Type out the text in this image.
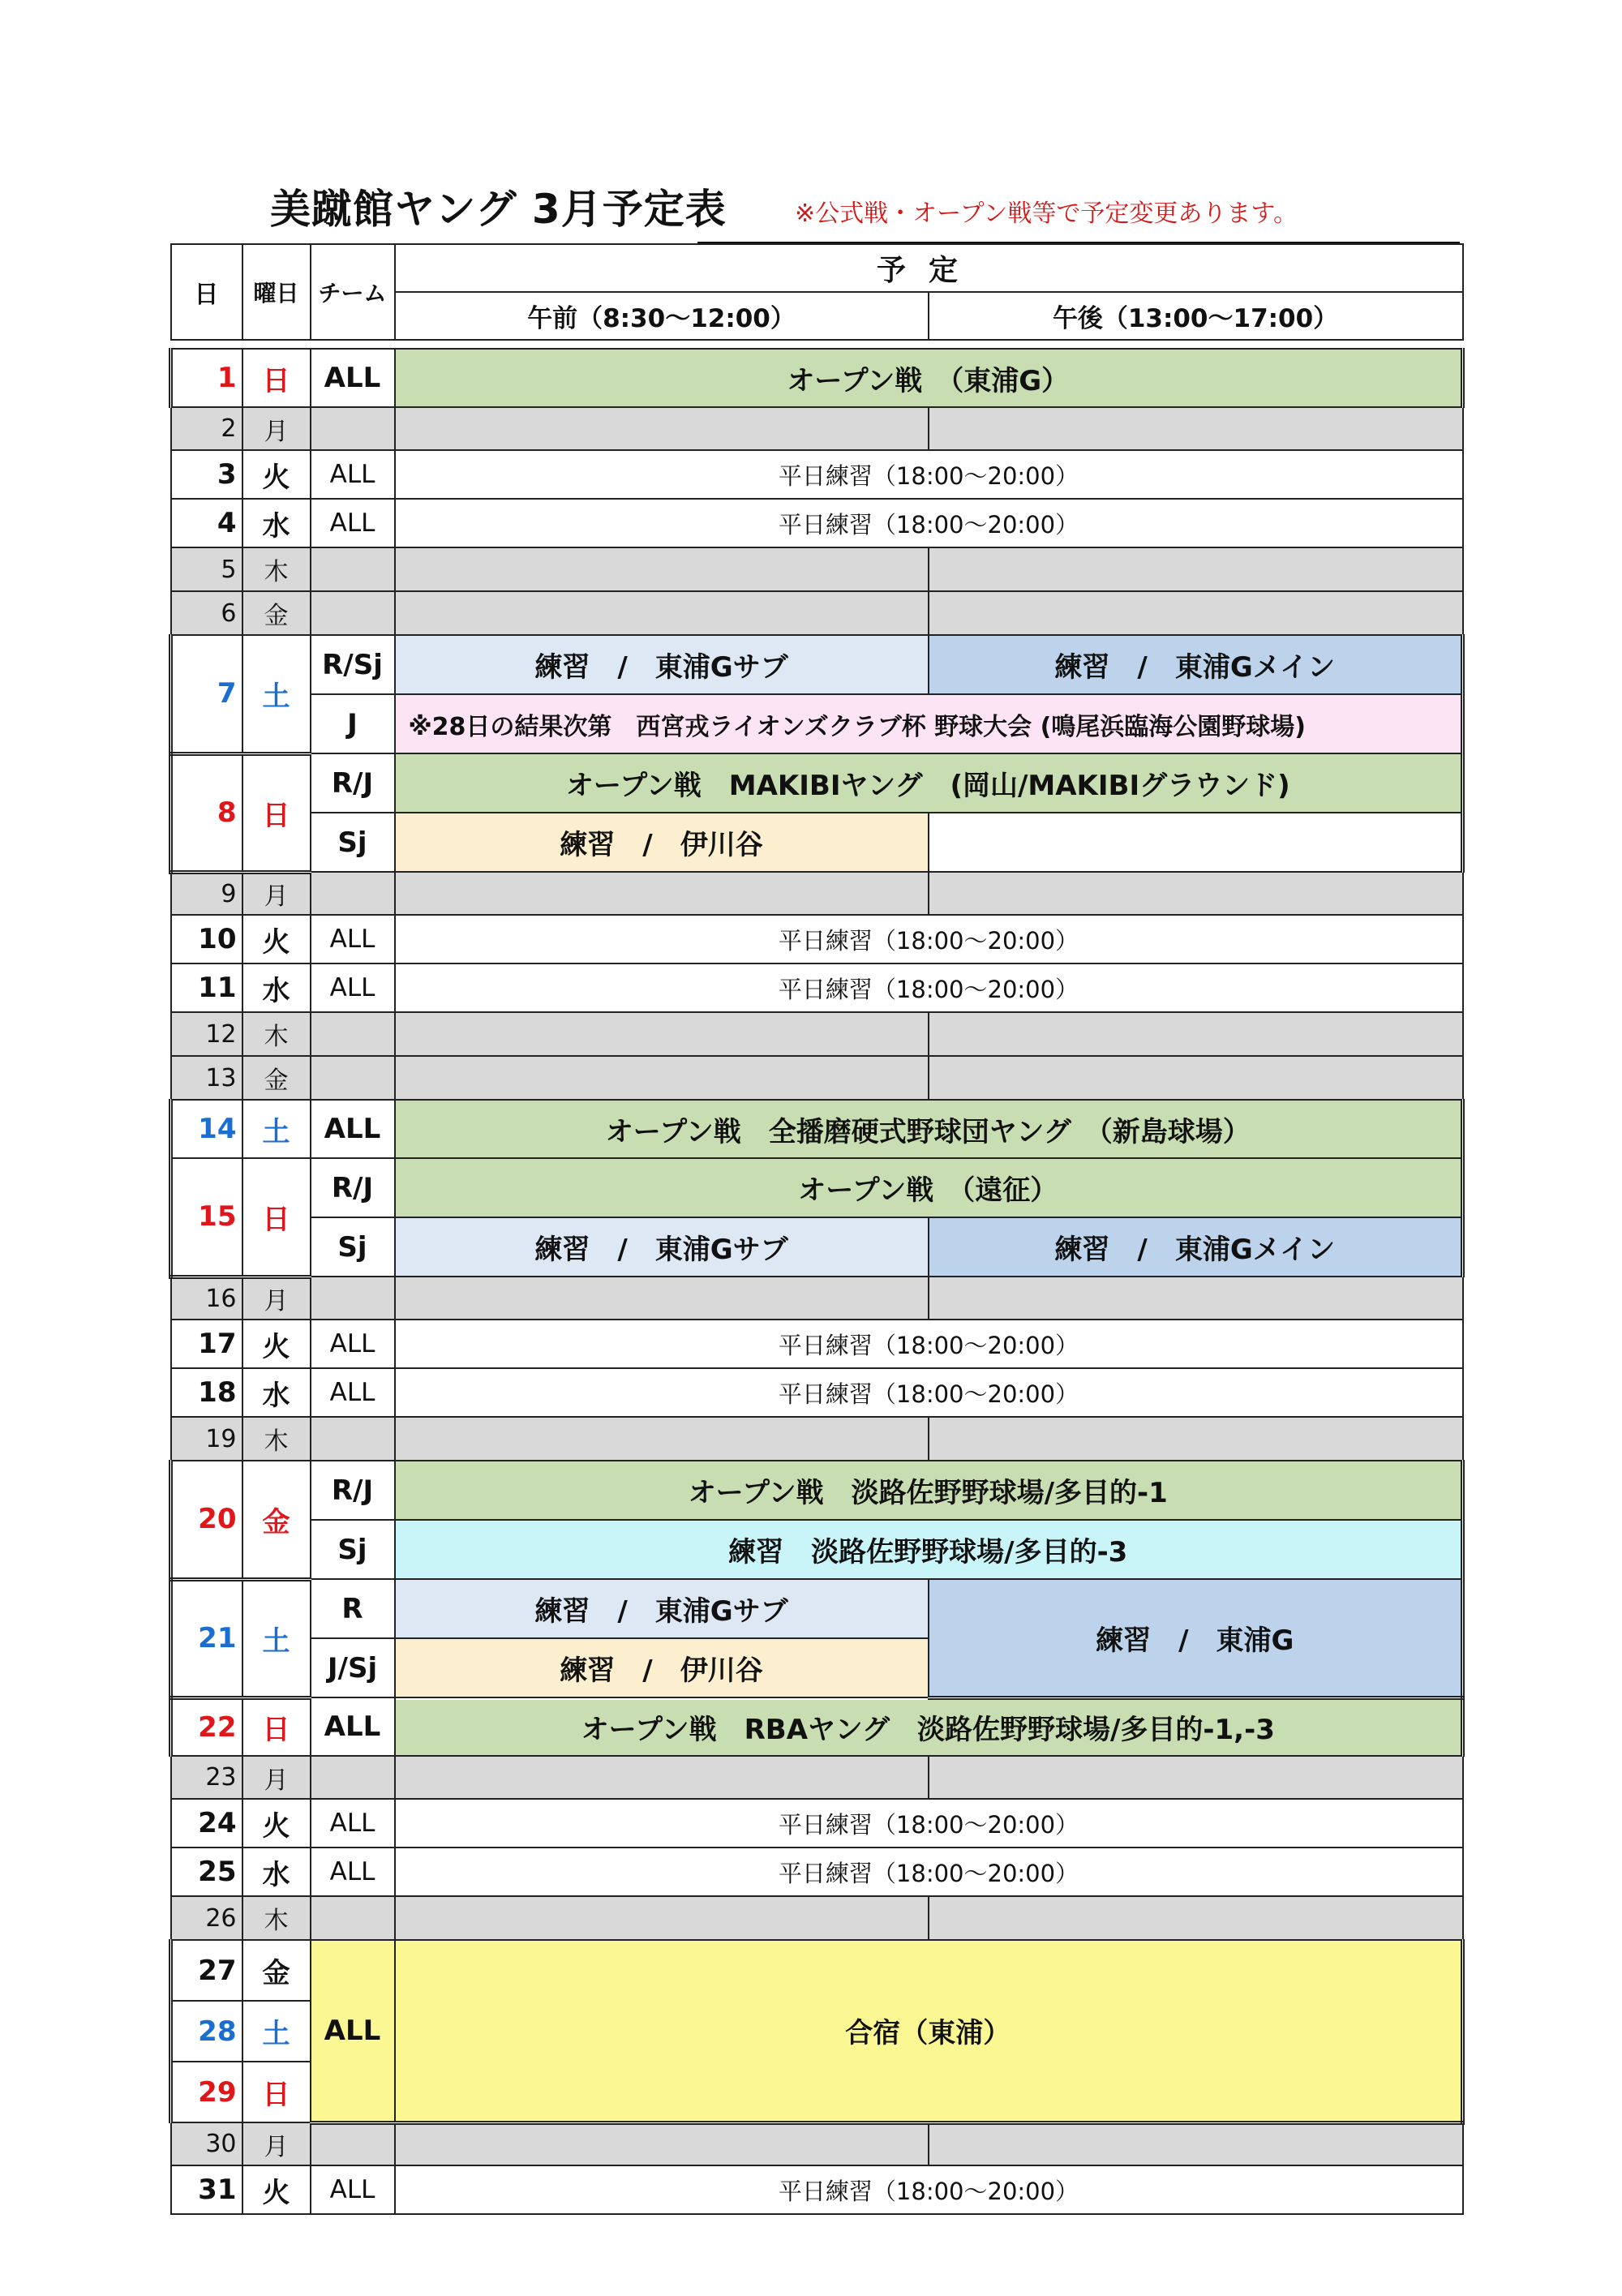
美蹴館ヤング 3月予定表	※公式戦・オープン戦等で予定変更あります。
日	曜日	チーム	予定	
			午前（8:30～12:00）	午後（13:00～17:00）

1	日	ALL	オープン戦　（東浦G）	
2	月			
3	火	ALL	平日練習（18:00～20:00）	
4	水	ALL	平日練習（18:00～20:00）	
5	木			
6	金			
7	土	R/Sj	練習　/　東浦Gサブ	練習　/　東浦Gメイン
		J	※28日の結果次第　西宮戎ライオンズクラブ杯 野球大会 (鳴尾浜臨海公園野球場)	
8	日	R/J	オープン戦　MAKIBIヤング　(岡山/MAKIBIグラウンド)	
		Sj	練習　/　伊川谷	
9	月			
10	火	ALL	平日練習（18:00～20:00）	
11	水	ALL	平日練習（18:00～20:00）	
12	木			
13	金			
14	土	ALL	オープン戦　全播磨硬式野球団ヤング　（新島球場）	
15	日	R/J	オープン戦　（遠征）	
		Sj	練習　/　東浦Gサブ	練習　/　東浦Gメイン
16	月			
17	火	ALL	平日練習（18:00～20:00）	
18	水	ALL	平日練習（18:00～20:00）	
19	木			
20	金	R/J	オープン戦　淡路佐野野球場/多目的-1	
		Sj	練習　淡路佐野野球場/多目的-3	
21	土	R	練習　/　東浦Gサブ	練習　/　東浦G
		J/Sj	練習　/　伊川谷	
22	日	ALL	オープン戦　RBAヤング　淡路佐野野球場/多目的-1,-3	
23	月			
24	火	ALL	平日練習（18:00～20:00）	
25	水	ALL	平日練習（18:00～20:00）	
26	木			
27	金	ALL	合宿（東浦）	
28	土			
29	日			
30	月			
31	火	ALL	平日練習（18:00～20:00）	
